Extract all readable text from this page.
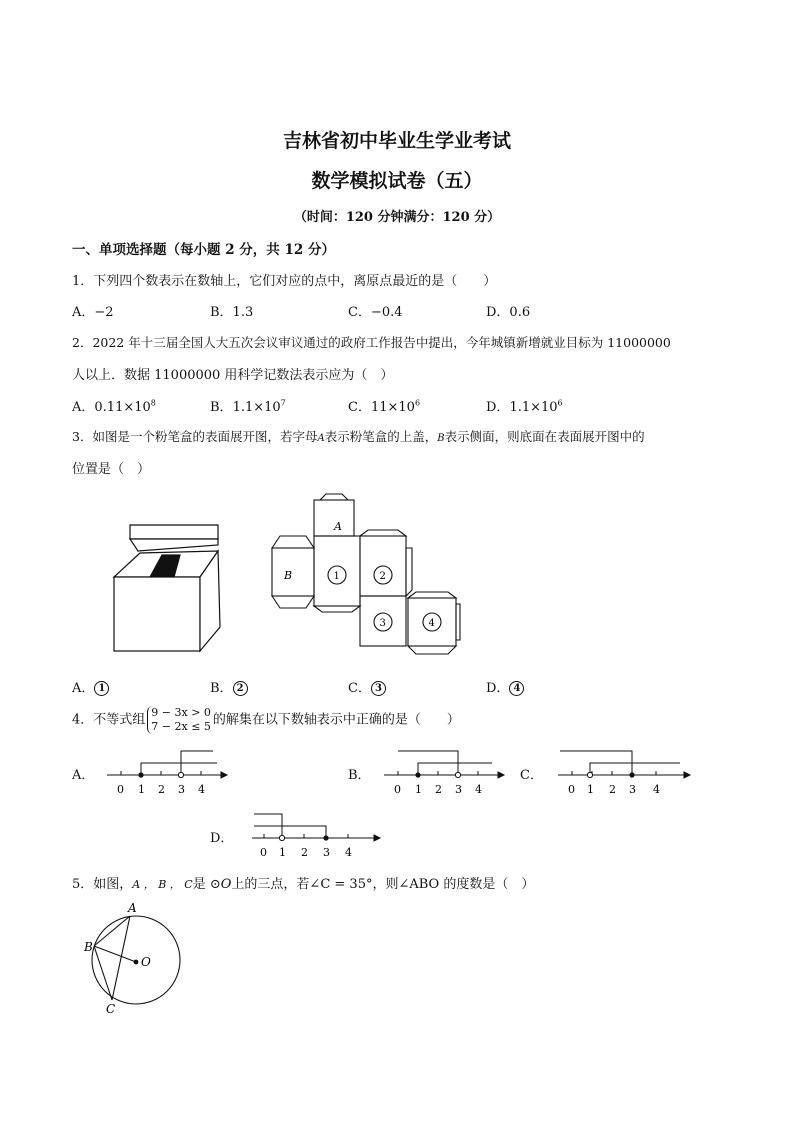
吉林省初中毕业生学业考试
数学模拟试卷（五）
（时间：120 分钟满分：120 分）
一、单项选择题（每小题 2 分，共 12 分）
1．下列四个数表示在数轴上，它们对应的点中，离原点最近的是（　　）
A．−2	B．1.3	C．−0.4	D．0.6
2．2022 年十三届全国人大五次会议审议通过的政府工作报告中提出，今年城镇新增就业目标为 11000000
人以上．数据 11000000 用科学记数法表示应为（　）
A．$0.11\times 10^8$	B．$1.1\times 10^7$	C．$11\times 10^6$	D．$1.1\times 10^6$
3．如图是一个粉笔盒的表面展开图，若字母A表示粉笔盒的上盖，B表示侧面，则底面在表面展开图中的
位置是（　）
A
B	1	2
3	4
A． 1	B． 2	C． 3	D． 4
4．不等式组 9 − 3x > 0
7 − 2x ≤ 5 的解集在以下数轴表示中正确的是（　　）
A．	B．	C．
D．
0 1 2 3 4	0 1 2 3 4	0 1 2 3 4
0 1 2 3 4
5．如图，A ， B ， C是 ⊙O上的三点，若∠C = 35°，则∠ABO 的度数是（　）
A
B
C
O
